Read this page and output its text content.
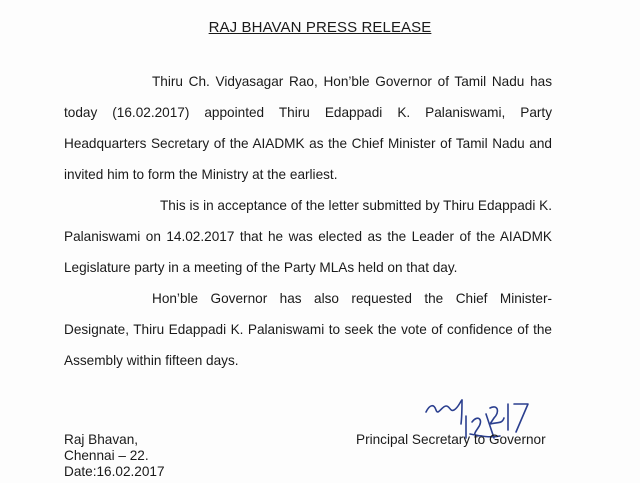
RAJ BHAVAN PRESS RELEASE

Thiru Ch. Vidyasagar Rao, Hon’ble Governor of Tamil Nadu has today (16.02.2017) appointed Thiru Edappadi K. Palaniswami, Party Headquarters Secretary of the AIADMK as the Chief Minister of Tamil Nadu and invited him to form the Ministry at the earliest.

This is in acceptance of the letter submitted by Thiru Edappadi K. Palaniswami on 14.02.2017 that he was elected as the Leader of the AIADMK Legislature party in a meeting of the Party MLAs held on that day.

Hon’ble Governor has also requested the Chief Minister-Designate, Thiru Edappadi K. Palaniswami to seek the vote of confidence of the Assembly within fifteen days.

Raj Bhavan,
Chennai – 22.
Date:16.02.2017
Principal Secretary to Governor
